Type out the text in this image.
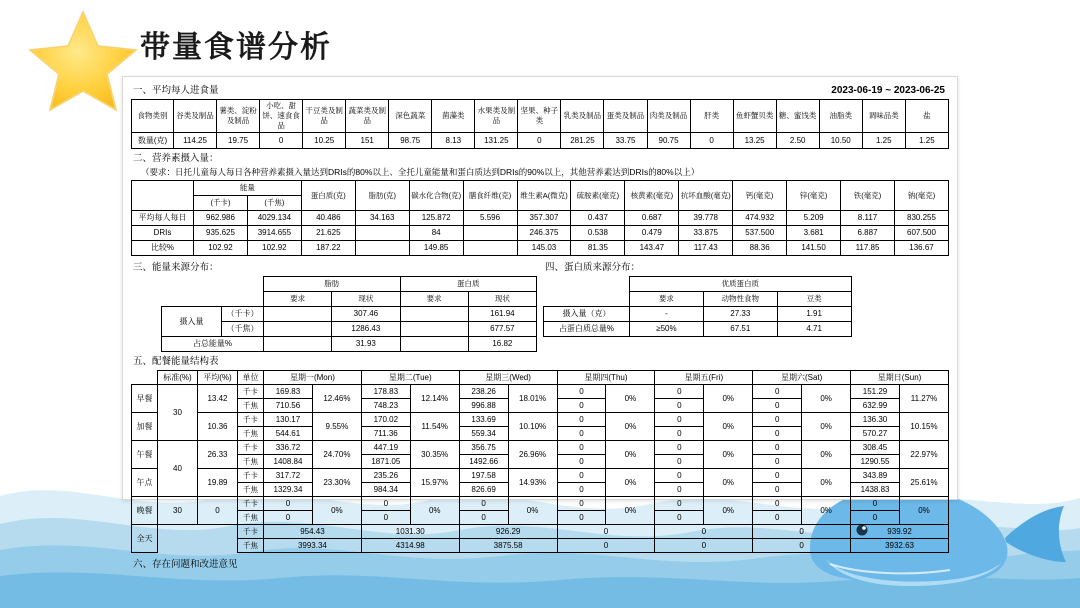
带量食谱分析
一、平均每人进食量	2023-06-19 ~ 2023-06-25
食物类别	谷类及制品	薯类、淀粉及制品	小吃、甜饼、速食食品	干豆类及制品	蔬菜类及制品	深色蔬菜	菌藻类	水果类及制品	坚果、种子类	乳类及制品	蛋类及制品	肉类及制品	肝类	鱼虾蟹贝类	糖、蜜饯类	油脂类	调味品类	盐
数量(克)	114.25	19.75	0	10.25	151	98.75	8.13	131.25	0	281.25	33.75	90.75	0	13.25	2.50	10.50	1.25	1.25
二、营养素摄入量：
（要求：日托儿童每人每日各种营养素摄入量达到DRIs的80%以上、全托儿童能量和蛋白质达到DRIs的90%以上，其他营养素达到DRIs的80%以上）
	能量		蛋白质(克)	脂肪(克)	碳水化合物(克)	膳食纤维(克)	维生素A(微克)	硫胺素(毫克)	核黄素(毫克)	抗坏血酸(毫克)	钙(毫克)	锌(毫克)	铁(毫克)	钠(毫克)
	(千卡)	(千焦)												
平均每人每日	962.986	4029.134	40.486	34.163	125.872	5.596	357.307	0.437	0.687	39.778	474.932	5.209	8.117	830.255
DRIs	935.625	3914.655	21.625		84		246.375	0.538	0.479	33.875	537.500	3.681	6.887	607.500
比较%	102.92	102.92	187.22		149.85		145.03	81.35	143.47	117.43	88.36	141.50	117.85	136.67
三、能量来源分布：
		脂肪		蛋白质	
		要求	现状	要求	现状
摄入量	（千卡）		307.46		161.94
	（千焦）		1286.43		677.57
占总能量%			31.93		16.82
四、蛋白质来源分布：
	优质蛋白质		
	要求	动物性食物	豆类
摄入量（克）	-	27.33	1.91
占蛋白质总量%	≥50%	67.51	4.71
五、配餐能量结构表
	标准(%)	平均(%)	单位	星期一(Mon)		星期二(Tue)		星期三(Wed)		星期四(Thu)		星期五(Fri)		星期六(Sat)		星期日(Sun)	
早餐	30	13.42	千卡	169.83	12.46%	178.83	12.14%	238.26	18.01%	0	0%	0	0%	0	0%	151.29	11.27%
			千焦	710.56		748.23		996.88		0		0		0		632.99	
加餐		10.36	千卡	130.17	9.55%	170.02	11.54%	133.69	10.10%	0	0%	0	0%	0	0%	136.30	10.15%
			千焦	544.61		711.36		559.34		0		0		0		570.27	
午餐	40	26.33	千卡	336.72	24.70%	447.19	30.35%	356.75	26.96%	0	0%	0	0%	0	0%	308.45	22.97%
			千焦	1408.84		1871.05		1492.66		0		0		0		1290.55	
午点		19.89	千卡	317.72	23.30%	235.26	15.97%	197.58	14.93%	0	0%	0	0%	0	0%	343.89	25.61%
			千焦	1329.34		984.34		826.69		0		0		0		1438.83	
晚餐	30	0	千卡	0	0%	0	0%	0	0%	0	0%	0	0%	0	0%	0	0%
			千焦	0		0		0		0		0		0		0	
全天			千卡	954.43		1031.30		926.29		0		0		0		939.92	
			千焦	3993.34		4314.98		3875.58		0		0		0		3932.63	
六、存在问题和改进意见
